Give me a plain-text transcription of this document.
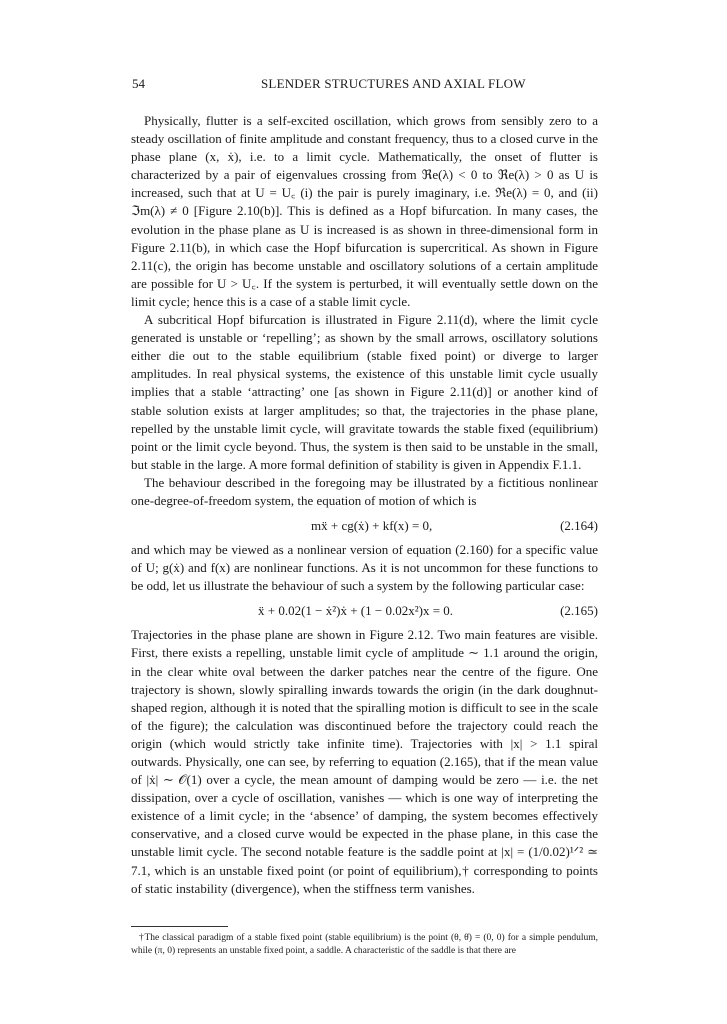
54	SLENDER STRUCTURES AND AXIAL FLOW

Physically, flutter is a self-excited oscillation, which grows from sensibly zero to a steady oscillation of finite amplitude and constant frequency, thus to a closed curve in the phase plane (x, ẋ), i.e. to a limit cycle. Mathematically, the onset of flutter is characterized by a pair of eigenvalues crossing from ℜe(λ) < 0 to ℜe(λ) > 0 as U is increased, such that at U = U꜀ (i) the pair is purely imaginary, i.e. ℜe(λ) = 0, and (ii) ℑm(λ) ≠ 0 [Figure 2.10(b)]. This is defined as a Hopf bifurcation. In many cases, the evolution in the phase plane as U is increased is as shown in three-dimensional form in Figure 2.11(b), in which case the Hopf bifurcation is supercritical. As shown in Figure 2.11(c), the origin has become unstable and oscillatory solutions of a certain amplitude are possible for U > U꜀. If the system is perturbed, it will eventually settle down on the limit cycle; hence this is a case of a stable limit cycle.

A subcritical Hopf bifurcation is illustrated in Figure 2.11(d), where the limit cycle generated is unstable or ‘repelling’; as shown by the small arrows, oscillatory solutions either die out to the stable equilibrium (stable fixed point) or diverge to larger amplitudes. In real physical systems, the existence of this unstable limit cycle usually implies that a stable ‘attracting’ one [as shown in Figure 2.11(d)] or another kind of stable solution exists at larger amplitudes; so that, the trajectories in the phase plane, repelled by the unstable limit cycle, will gravitate towards the stable fixed (equilibrium) point or the limit cycle beyond. Thus, the system is then said to be unstable in the small, but stable in the large. A more formal definition of stability is given in Appendix F.1.1.

The behaviour described in the foregoing may be illustrated by a fictitious nonlinear one-degree-of-freedom system, the equation of motion of which is

mẍ + cg(ẋ) + kf(x) = 0,	(2.164)

and which may be viewed as a nonlinear version of equation (2.160) for a specific value of U; g(ẋ) and f(x) are nonlinear functions. As it is not uncommon for these functions to be odd, let us illustrate the behaviour of such a system by the following particular case:

ẍ + 0.02(1 − ẋ²)ẋ + (1 − 0.02x²)x = 0.	(2.165)

Trajectories in the phase plane are shown in Figure 2.12. Two main features are visible. First, there exists a repelling, unstable limit cycle of amplitude ∼ 1.1 around the origin, in the clear white oval between the darker patches near the centre of the figure. One trajectory is shown, slowly spiralling inwards towards the origin (in the dark doughnut-shaped region, although it is noted that the spiralling motion is difficult to see in the scale of the figure); the calculation was discontinued before the trajectory could reach the origin (which would strictly take infinite time). Trajectories with |x| > 1.1 spiral outwards. Physically, one can see, by referring to equation (2.165), that if the mean value of |ẋ| ∼ 𝒪(1) over a cycle, the mean amount of damping would be zero — i.e. the net dissipation, over a cycle of oscillation, vanishes — which is one way of interpreting the existence of a limit cycle; in the ‘absence’ of damping, the system becomes effectively conservative, and a closed curve would be expected in the phase plane, in this case the unstable limit cycle. The second notable feature is the saddle point at |x| = (1/0.02)¹ᐟ² ≃ 7.1, which is an unstable fixed point (or point of equilibrium),† corresponding to points of static instability (divergence), when the stiffness term vanishes.

†The classical paradigm of a stable fixed point (stable equilibrium) is the point (θ, θ̇) = (0, 0) for a simple pendulum, while (π, 0) represents an unstable fixed point, a saddle. A characteristic of the saddle is that there are
